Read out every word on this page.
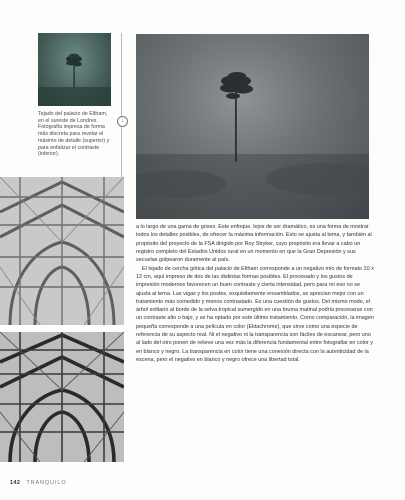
Tejado del palacio de Eltham, en el sureste de Londres. Fotografía impresa de forma más discreta para revelar el máximo de detalle (superior) y para enfatizar el contraste (inferior).
↓

a lo largo de una gama de grises. Este enfoque, lejos de ser dramático, es una forma de mostrar todos los detalles posibles, de ofrecer la máxima información. Esto se ajusta al tema, y también al propósito del proyecto de la FSA dirigido por Roy Stryker, cuyo propósito era llevar a cabo un registro completo del Estados Unidos rural en un momento en que la Gran Depresión y sus secuelas golpearon duramente al país.

El tejado de cercha gótica del palacio de Eltham corresponde a un negativo mío de formato 10 x 12 cm, aquí impreso de dos de las distintas formas posibles. El procesado y los gustos de impresión modernos favorecen un buen contraste y cierta intensidad, pero para mí eso no se ajusta al tema. Las vigas y los postes, exquisitamente ensamblados, se aprecian mejor con un tratamiento más comedido y menos contrastado. Es una cuestión de gustos. Del mismo modo, el árbol solitario al borde de la selva tropical sumergido en una bruma matinal podría procesarse con un contraste alto o bajo, y se ha optado por este último tratamiento. Como comparación, la imagen pequeña corresponde a una película en color (Ektachrome), que sirve como una especie de referencia de su aspecto real. Ni el negativo ni la transparencia son fáciles de escanear, pero uno al lado del otro ponen de relieve una vez más la diferencia fundamental entre fotografiar en color y en blanco y negro. La transparencia en color tiene una conexión directa con la autenticidad de la escena, pero el negativo en blanco y negro ofrece una libertad total.

142 TRANQUILO
